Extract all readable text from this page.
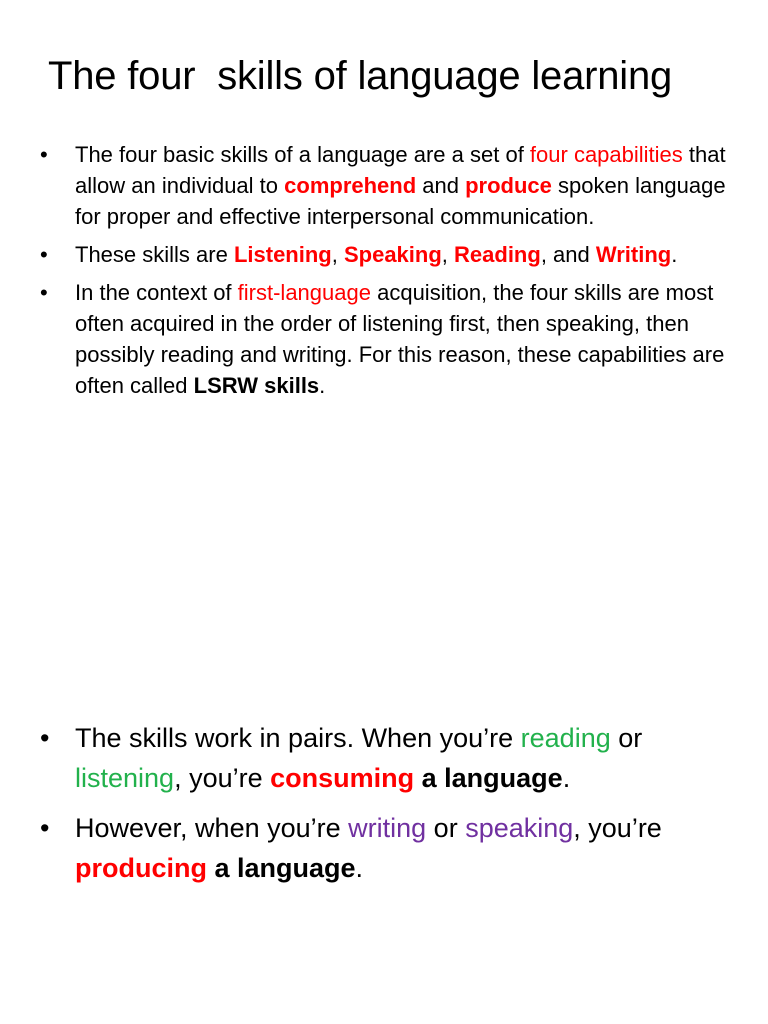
The four  skills of language learning
• The four basic skills of a language are a set of four capabilities that allow an individual to comprehend and produce spoken language for proper and effective interpersonal communication.
• These skills are Listening, Speaking, Reading, and Writing.
• In the context of first-language acquisition, the four skills are most often acquired in the order of listening first, then speaking, then possibly reading and writing. For this reason, these capabilities are often called LSRW skills.
• The skills work in pairs. When you’re reading or listening, you’re consuming a language.
• However, when you’re writing or speaking, you’re producing a language.
